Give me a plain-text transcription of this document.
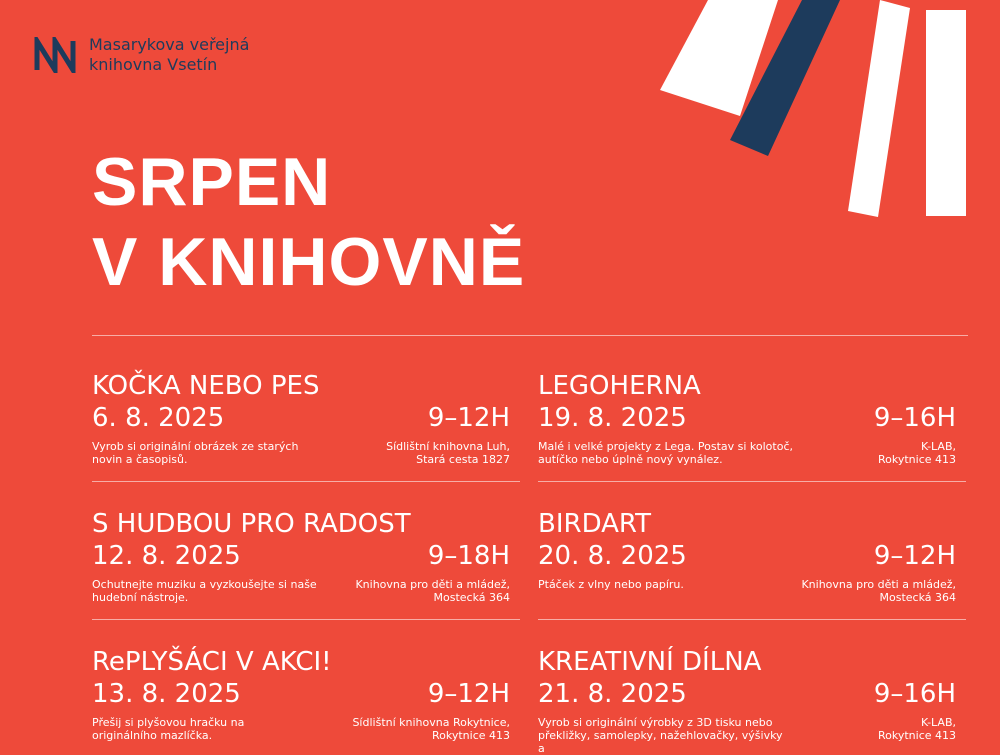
Masarykova veřejná
knihovna Vsetín
SRPEN
V KNIHOVNĚ
KOČKA NEBO PES
6. 8. 2025	9–12H
Vyrob si originální obrázek ze starých novin a časopisů.
Sídlištní knihovna Luh,
Stará cesta 1827
LEGOHERNA
19. 8. 2025	9–16H
Malé i velké projekty z Lega. Postav si kolotoč, autíčko nebo úplně nový vynález.
K-LAB,
Rokytnice 413
S HUDBOU PRO RADOST
12. 8. 2025	9–18H
Ochutnejte muziku a vyzkoušejte si naše hudební nástroje.
Knihovna pro děti a mládež,
Mostecká 364
BIRDART
20. 8. 2025	9–12H
Ptáček z vlny nebo papíru.	Knihovna pro děti a mládež,
Mostecká 364
RePLYŠÁCI V AKCI!
13. 8. 2025	9–12H
Přešij si plyšovou hračku na originálního mazlíčka.
Sídlištní knihovna Rokytnice,
Rokytnice 413
KREATIVNÍ DÍLNA
21. 8. 2025	9–16H
Vyrob si originální výrobky z 3D tisku nebo překližky, samolepky, nažehlovačky, výšivky a
K-LAB,
Rokytnice 413
